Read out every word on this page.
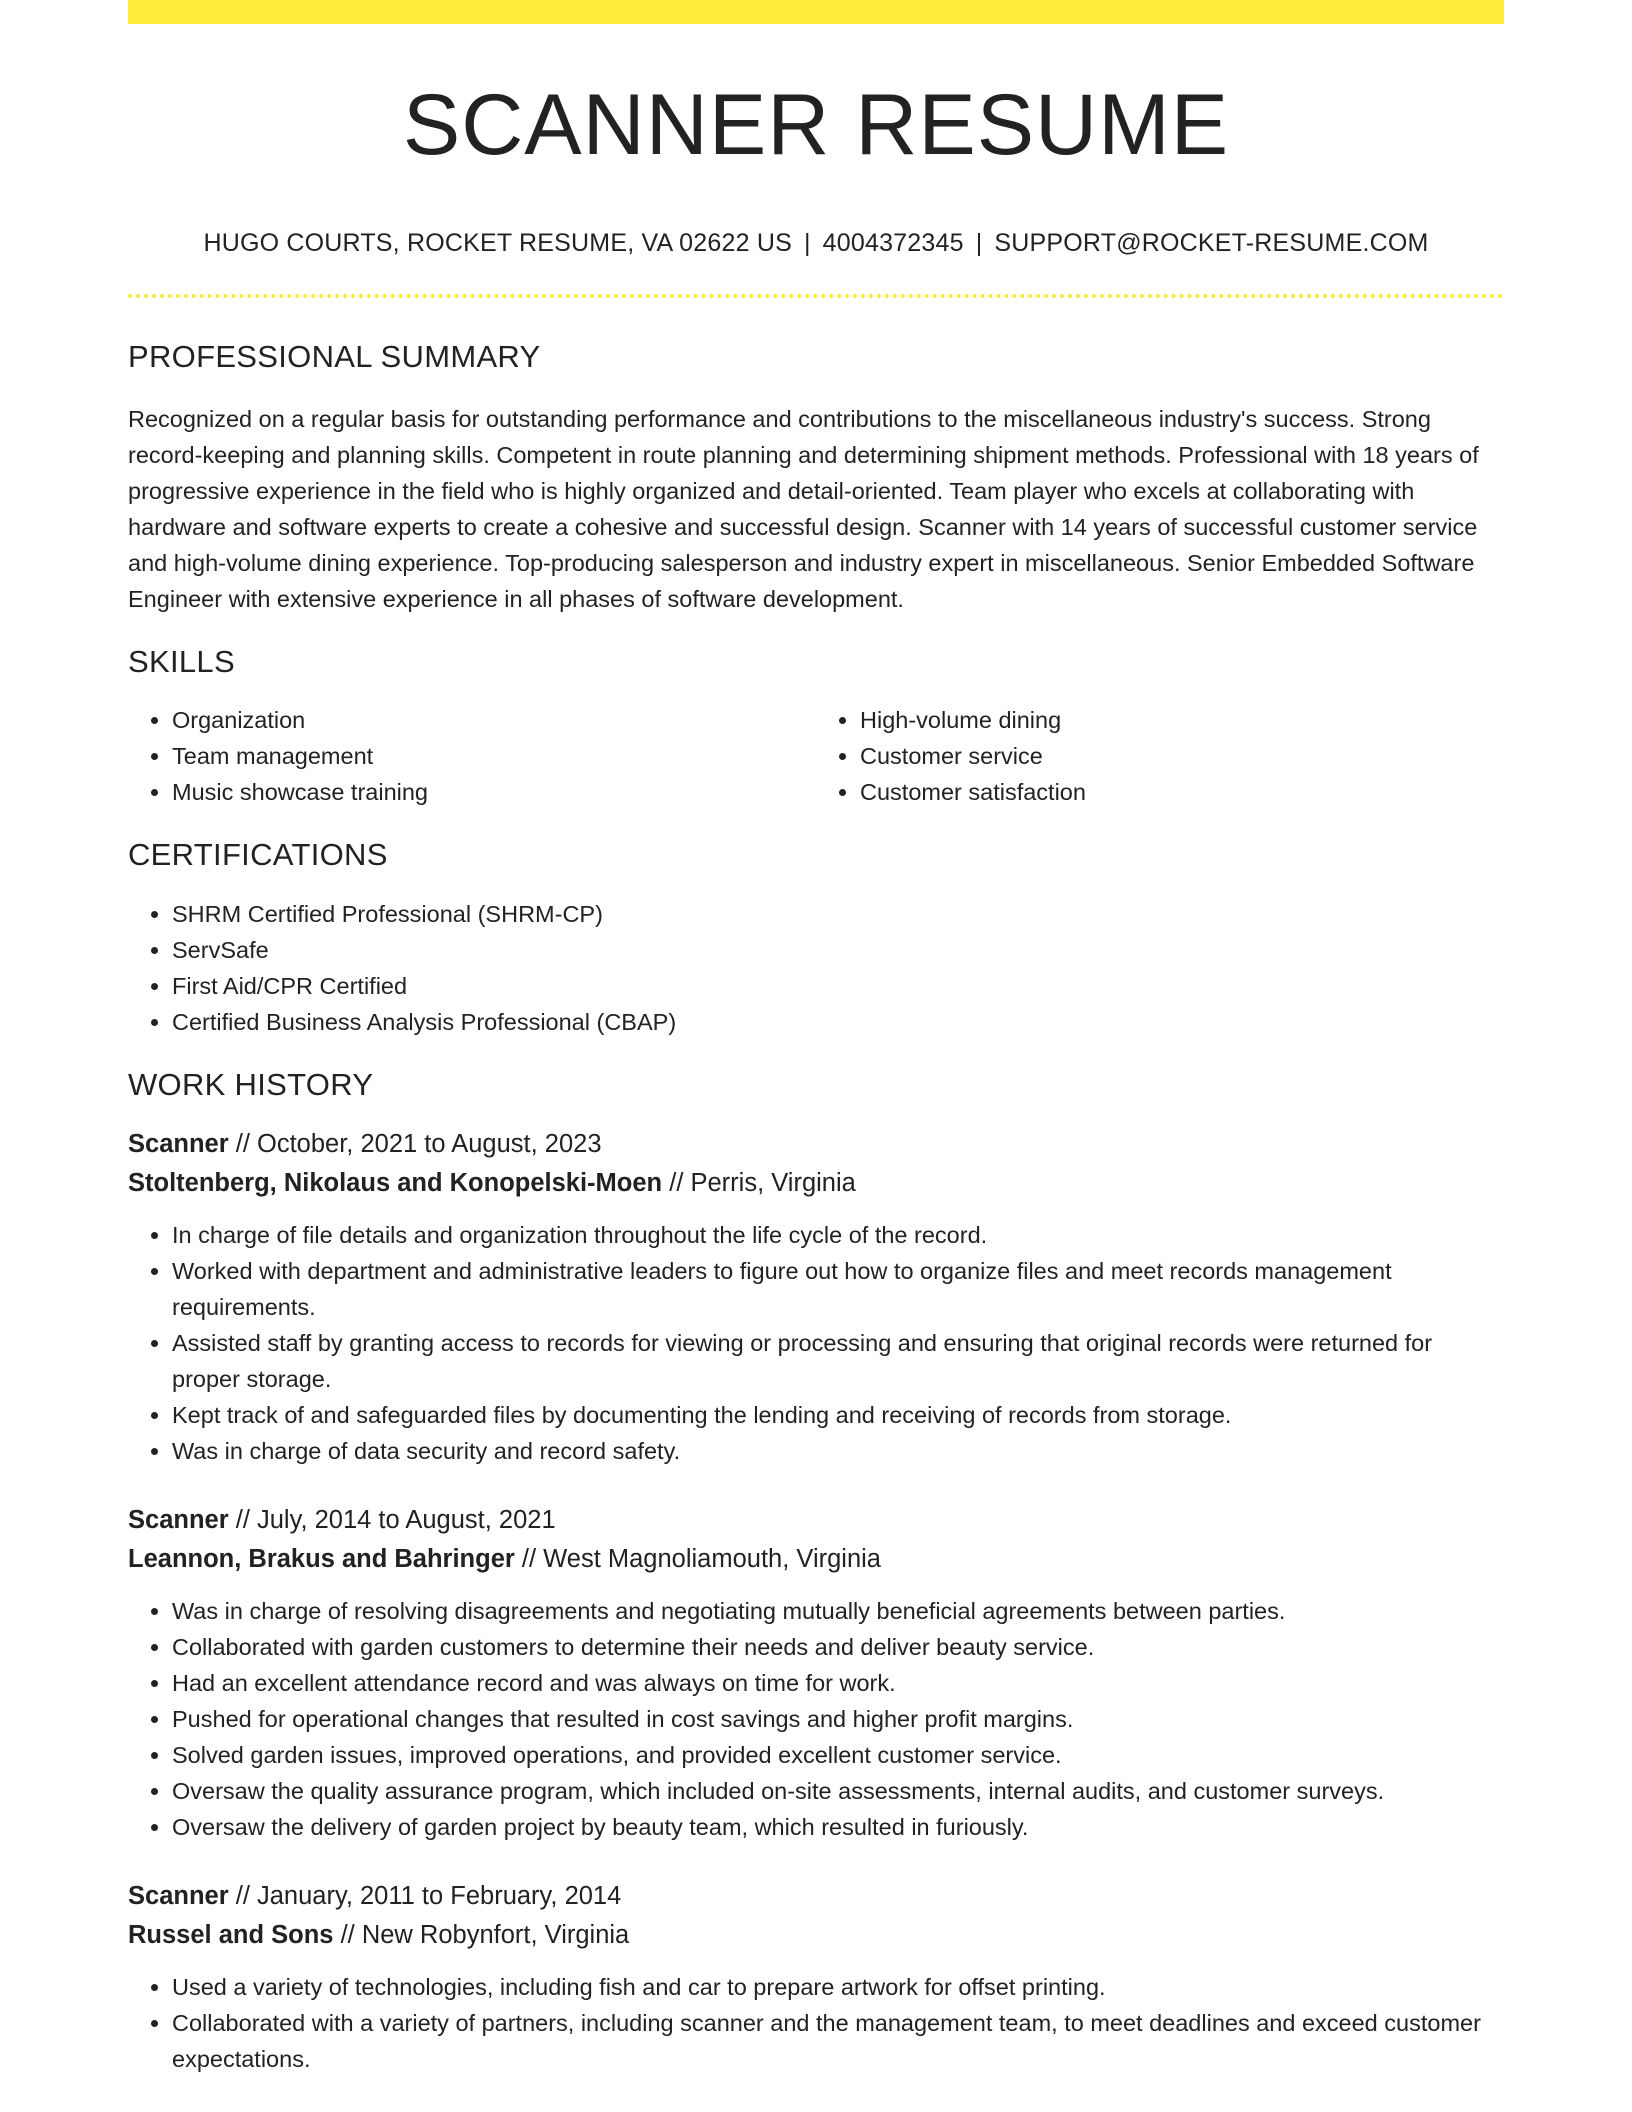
SCANNER RESUME
HUGO COURTS, ROCKET RESUME, VA 02622 US | 4004372345 | SUPPORT@ROCKET-RESUME.COM
PROFESSIONAL SUMMARY

Recognized on a regular basis for outstanding performance and contributions to the miscellaneous industry's success. Strong record-keeping and planning skills. Competent in route planning and determining shipment methods. Professional with 18 years of progressive experience in the field who is highly organized and detail-oriented. Team player who excels at collaborating with hardware and software experts to create a cohesive and successful design. Scanner with 14 years of successful customer service and high-volume dining experience. Top-producing salesperson and industry expert in miscellaneous. Senior Embedded Software Engineer with extensive experience in all phases of software development.

SKILLS
• Organization
• Team management
• Music showcase training
• High-volume dining
• Customer service
• Customer satisfaction
CERTIFICATIONS
• SHRM Certified Professional (SHRM-CP)
• ServSafe
• First Aid/CPR Certified
• Certified Business Analysis Professional (CBAP)
WORK HISTORY
Scanner // October, 2021 to August, 2023
Stoltenberg, Nikolaus and Konopelski-Moen // Perris, Virginia
• In charge of file details and organization throughout the life cycle of the record.
• Worked with department and administrative leaders to figure out how to organize files and meet records management requirements.
• Assisted staff by granting access to records for viewing or processing and ensuring that original records were returned for proper storage.
• Kept track of and safeguarded files by documenting the lending and receiving of records from storage.
• Was in charge of data security and record safety.
Scanner // July, 2014 to August, 2021
Leannon, Brakus and Bahringer // West Magnoliamouth, Virginia
• Was in charge of resolving disagreements and negotiating mutually beneficial agreements between parties.
• Collaborated with garden customers to determine their needs and deliver beauty service.
• Had an excellent attendance record and was always on time for work.
• Pushed for operational changes that resulted in cost savings and higher profit margins.
• Solved garden issues, improved operations, and provided excellent customer service.
• Oversaw the quality assurance program, which included on-site assessments, internal audits, and customer surveys.
• Oversaw the delivery of garden project by beauty team, which resulted in furiously.
Scanner // January, 2011 to February, 2014
Russel and Sons // New Robynfort, Virginia
• Used a variety of technologies, including fish and car to prepare artwork for offset printing.
• Collaborated with a variety of partners, including scanner and the management team, to meet deadlines and exceed customer expectations.
